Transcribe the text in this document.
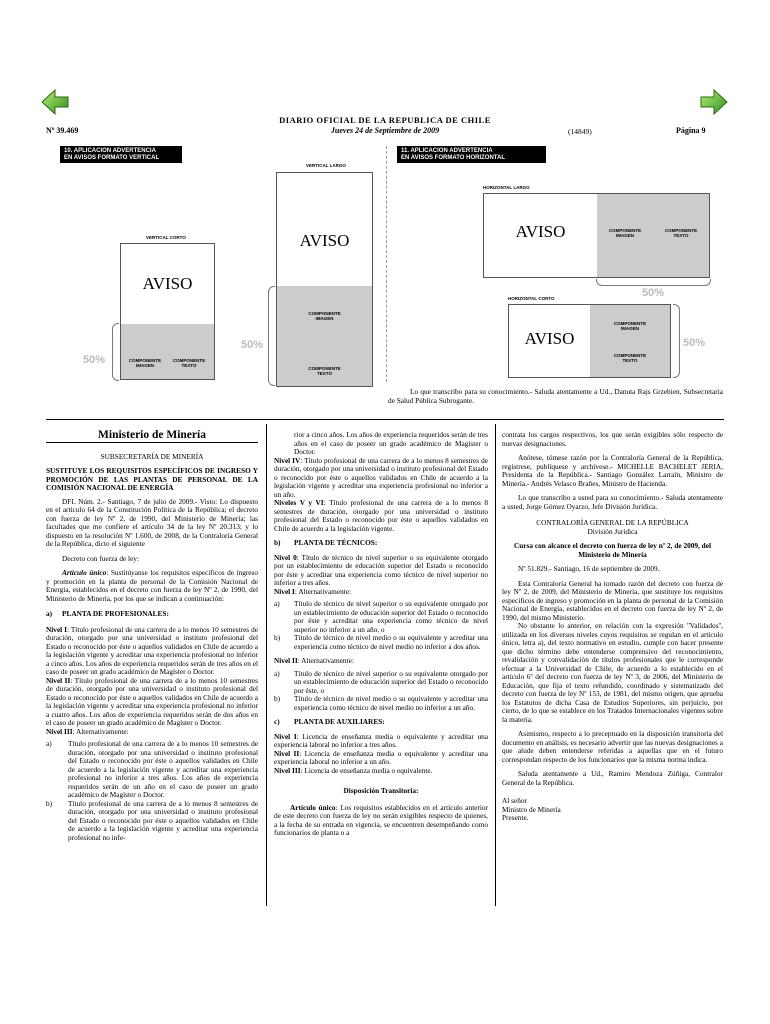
DIARIO OFICIAL DE LA REPUBLICA DE CHILE
Nº 39.469	Jueves 24 de Septiembre de 2009	(14849)	Página 9
10. APLICACION ADVERTENCIA
EN AVISOS FORMATO VERTICAL
VERTICAL LARGO
VERTICAL CORTO	AVISO
COMPONENTE
IMAGEN
COMPONENTE
TEXTO
50%
AVISO
COMPONENTE
IMAGEN
COMPONENTE
TEXTO
50%
11. APLICACION ADVERTENCIA
EN AVISOS FORMATO HORIZONTAL
HORIZONTAL LARGO
AVISO	COMPONENTE
IMAGEN
COMPONENTE
TEXTO
50%
HORIZONTAL CORTO
AVISO
COMPONENTE
IMAGEN
COMPONENTE
TEXTO
50%
Lo que transcribo para su conocimiento.- Saluda atentamente a Ud., Danuta Rajs Grzebien, Subsecretaria de Salud Pública Subrogante.
Ministerio de Minería
SUBSECRETARÍA DE MINERÍA

SUSTITUYE LOS REQUISITOS ESPECÍFICOS DE INGRESO Y PROMOCIÓN DE LAS PLANTAS DE PERSONAL DE LA COMISIÓN NACIONAL DE ENERGÍA

DFL Núm. 2.- Santiago, 7 de julio de 2009.- Visto: Lo dispuesto en el artículo 64 de la Constitución Política de la República; el decreto con fuerza de ley Nº 2, de 1990, del Ministerio de Minería; las facultades que me confiere el artículo 34 de la ley Nº 20.313; y lo dispuesto en la resolución Nº 1.600, de 2008, de la Contraloría General de la República, dicto el siguiente

Decreto con fuerza de ley:

Artículo único: Sustitúyanse los requisitos específicos de ingreso y promoción en la planta de personal de la Comisión Nacional de Energía, establecidos en el decreto con fuerza de ley Nº 2, de 1990, del Ministerio de Minería, por los que se indican a continuación:

a)	PLANTA DE PROFESIONALES:

Nivel I: Título profesional de una carrera de a lo menos 10 semestres de duración, otorgado por una universidad o instituto profesional del Estado o reconocido por éste o aquellos validados en Chile de acuerdo a la legislación vigente y acreditar una experiencia profesional no inferior a cinco años. Los años de experiencia requeridos serán de tres años en el caso de poseer un grado académico de Magíster o Doctor.

Nivel II: Título profesional de una carrera de a lo menos 10 semestres de duración, otorgado por una universidad o instituto profesional del Estado o reconocido por éste o aquellos validados en Chile de acuerdo a la legislación vigente y acreditar una experiencia profesional no inferior a cuatro años. Los años de experiencia requeridos serán de dos años en el caso de poseer un grado académico de Magíster o Doctor.

Nivel III: Alternativamente:

a)	Título profesional de una carrera de a lo menos 10 semestres de duración, otorgado por una universidad o instituto profesional del Estado o reconocido por éste o aquellos validados en Chile de acuerdo a la legislación vigente y acreditar una experiencia profesional no inferior a tres años. Los años de experiencia requeridos serán de un año en el caso de poseer un grado académico de Magíster o Doctor.
b)	Título profesional de una carrera de a lo menos 8 semestres de duración, otorgado por una universidad o instituto profesional del Estado o reconocido por éste o aquellos validados en Chile de acuerdo a la legislación vigente y acreditar una experiencia profesional no infe-

rior a cinco años. Los años de experiencia requeridos serán de tres años en el caso de poseer un grado académico de Magíster o Doctor.

Nivel IV: Título profesional de una carrera de a lo menos 8 semestres de duración, otorgado por una universidad o instituto profesional del Estado o reconocido por éste o aquellos validados en Chile de acuerdo a la legislación vigente y acreditar una experiencia profesional no inferior a un año.

Niveles V y VI: Título profesional de una carrera de a lo menos 8 semestres de duración, otorgado por una universidad o instituto profesional del Estado o reconocido por éste o aquellos validados en Chile de acuerdo a la legislación vigente.

b)	PLANTA DE TÉCNICOS:

Nivel 0: Título de técnico de nivel superior o su equivalente otorgado por un establecimiento de educación superior del Estado o reconocido por éste y acreditar una experiencia como técnico de nivel superior no inferior a tres años.

Nivel I: Alternativamente:

a)	Título de técnico de nivel superior o su equivalente otorgado por un establecimiento de educación superior del Estado o reconocido por éste y acreditar una experiencia como técnico de nivel superior no inferior a un año, o
b)	Título de técnico de nivel medio o su equivalente y acreditar una experiencia como técnico de nivel medio no inferior a dos años.

Nivel II: Alternativamente:

a)	Título de técnico de nivel superior o su equivalente otorgado por un establecimiento de educación superior del Estado o reconocido por éste, o
b)	Título de técnico de nivel medio o su equivalente y acreditar una experiencia como técnico de nivel medio no inferior a un año.
c)	PLANTA DE AUXILIARES:

Nivel I: Licencia de enseñanza media o equivalente y acreditar una experiencia laboral no inferior a tres años.

Nivel II: Licencia de enseñanza media o equivalente y acreditar una experiencia laboral no inferior a un año.

Nivel III: Licencia de enseñanza media o equivalente.

Disposición Transitoria:

Artículo único: Los requisitos establecidos en el artículo anterior de este decreto con fuerza de ley no serán exigibles respecto de quienes, a la fecha de su entrada en vigencia, se encuentren desempeñando como funcionarios de planta o a

contrata los cargos respectivos, los que serán exigibles sólo respecto de nuevas designaciones.

Anótese, tómese razón por la Contraloría General de la República, regístrese, publíquese y archívese.- MICHELLE BACHELET JERIA, Presidenta de la República.- Santiago González Larraín, Ministro de Minería.- Andrés Velasco Brañes, Ministro de Hacienda.

Lo que transcribo a usted para su conocimiento.- Saluda atentamente a usted, Jorge Gómez Oyarzo, Jefe División Jurídica.

CONTRALORÍA GENERAL DE LA REPÚBLICA
División Jurídica
Cursa con alcance el decreto con fuerza de ley nº 2, de 2009, del Ministerio de Minería

Nº 51.829.- Santiago, 16 de septiembre de 2009.

Esta Contraloría General ha tomado razón del decreto con fuerza de ley Nº 2, de 2009, del Ministerio de Minería, que sustituye los requisitos específicos de ingreso y promoción en la planta de personal de la Comisión Nacional de Energía, establecidos en el decreto con fuerza de ley Nº 2, de 1990, del mismo Ministerio.

No obstante lo anterior, en relación con la expresión ''Validados'', utilizada en los diversos niveles cuyos requisitos se regulan en el artículo único, letra a), del texto normativo en estudio, cumple con hacer presente que dicho término debe entenderse comprensivo del reconocimiento, revalidación y convalidación de títulos profesionales que le corresponde efectuar a la Universidad de Chile, de acuerdo a lo establecido en el artículo 6º del decreto con fuerza de ley Nº 3, de 2006, del Ministerio de Educación, que fija el texto refundido, coordinado y sistematizado del decreto con fuerza de ley Nº 153, de 1981, del mismo origen, que aprueba los Estatutos de dicha Casa de Estudios Superiores, sin perjuicio, por cierto, de lo que se establece en los Tratados Internacionales vigentes sobre la materia.

Asimismo, respecto a lo preceptuado en la disposición transitoria del documento en análisis, es necesario advertir que las nuevas designaciones a que alude deben entenderse referidas a aquellas que en el futuro correspondan respecto de los funcionarios que la misma norma indica.

Saluda atentamente a Ud., Ramiro Mendoza Zúñiga, Contralor General de la República.

Al señor
Ministro de Minería
Presente.
